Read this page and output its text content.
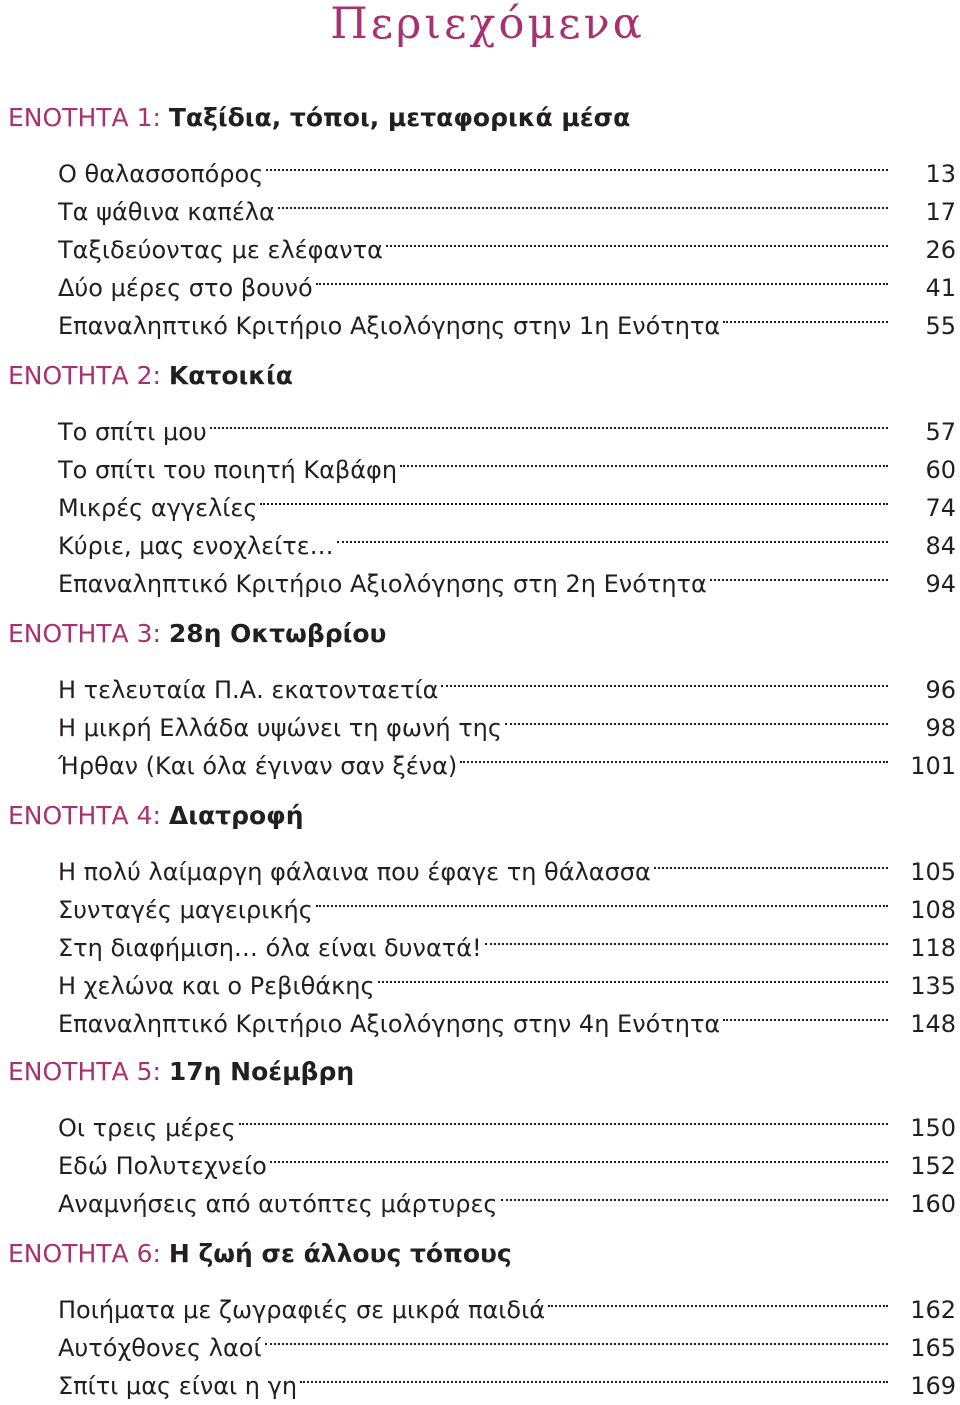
Περιεχόμενα
ΕΝΟΤΗΤΑ 1: Ταξίδια, τόποι, μεταφορικά μέσα
Ο θαλασσοπόρος	13
Τα ψάθινα καπέλα	17
Ταξιδεύοντας με ελέφαντα	26
Δύο μέρες στο βουνό	41
Επαναληπτικό Κριτήριο Αξιολόγησης στην 1η Ενότητα	55
ΕΝΟΤΗΤΑ 2: Κατοικία
Το σπίτι μου	57
Το σπίτι του ποιητή Καβάφη	60
Μικρές αγγελίες	74
Κύριε, μας ενοχλείτε…	84
Επαναληπτικό Κριτήριο Αξιολόγησης στη 2η Ενότητα	94
ΕΝΟΤΗΤΑ 3: 28η Οκτωβρίου
Η τελευταία Π.Α. εκατονταετία	96
Η μικρή Ελλάδα υψώνει τη φωνή της	98
Ήρθαν (Και όλα έγιναν σαν ξένα)	101
ΕΝΟΤΗΤΑ 4: Διατροφή
Η πολύ λαίμαργη φάλαινα που έφαγε τη θάλασσα	105
Συνταγές μαγειρικής	108
Στη διαφήμιση… όλα είναι δυνατά!	118
Η χελώνα και ο Ρεβιθάκης	135
Επαναληπτικό Κριτήριο Αξιολόγησης στην 4η Ενότητα	148
ΕΝΟΤΗΤΑ 5: 17η Νοέμβρη
Οι τρεις μέρες	150
Εδώ Πολυτεχνείο	152
Αναμνήσεις από αυτόπτες μάρτυρες	160
ΕΝΟΤΗΤΑ 6: Η ζωή σε άλλους τόπους
Ποιήματα με ζωγραφιές σε μικρά παιδιά	162
Αυτόχθονες λαοί	165
Σπίτι μας είναι η γη	169
